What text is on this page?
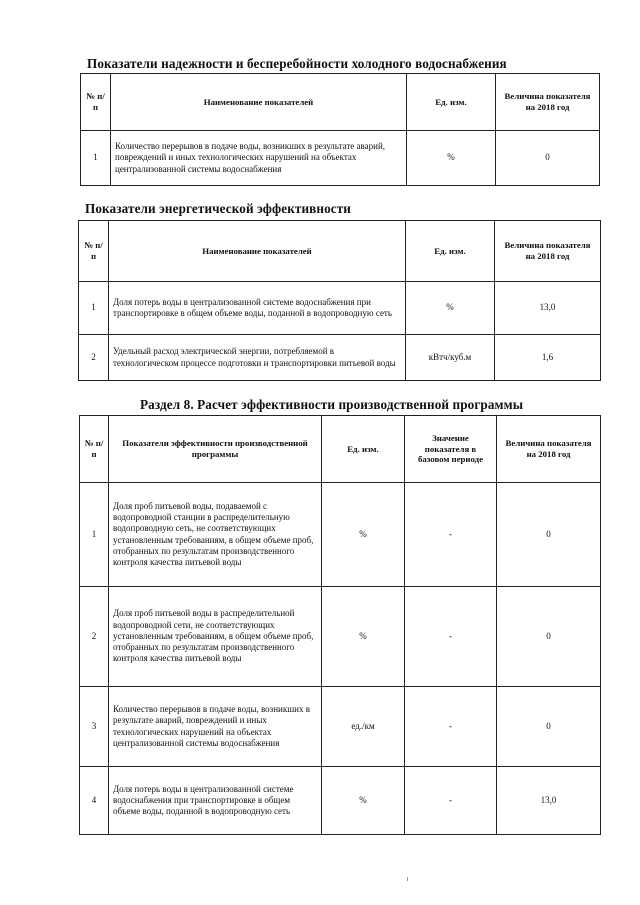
Показатели надежности и бесперебойности холодного водоснабжения
№ п/п	Наименование показателей	Ед. изм.	Величина показателя на 2018 год
1	Количество перерывов в подаче воды, возникших в результате аварий, повреждений и иных технологических нарушений на объектах централизованной системы водоснабжения	%	0
Показатели энергетической эффективности
№ п/п	Наименование показателей	Ед. изм.	Величина показателя на 2018 год
1	Доля потерь воды в централизованной системе водоснабжения при транспортировке в общем объеме воды, поданной в водопроводную сеть	%	13,0
2	Удельный расход электрической энергии, потребляемой в технологическом процессе подготовки и транспортировки питьевой воды	кВтч/куб.м	1,6
Раздел 8. Расчет эффективности производственной программы
№ п/п	Показатели эффективности производственной программы	Ед. изм.	Значение показателя в базовом периоде	Величина показателя на 2018 год
1	Доля проб питьевой воды, подаваемой с водопроводной станции в распределительную водопроводную сеть, не соответствующих установленным требованиям, в общем объеме проб, отобранных по результатам производственного контроля качества питьевой воды	%	-	0
2	Доля проб питьевой воды в распределительной водопроводной сети, не соответствующих установленным требованиям, в общем объеме проб, отобранных по результатам производственного контроля качества питьевой воды	%	-	0
3	Количество перерывов в подаче воды, возникших в результате аварий, повреждений и иных технологических нарушений на объектах централизованной системы водоснабжения	ед./км	-	0
4	Доля потерь воды в централизованной системе водоснабжения при транспортировке в общем объеме воды, поданной в водопроводную сеть	%	-	13,0
